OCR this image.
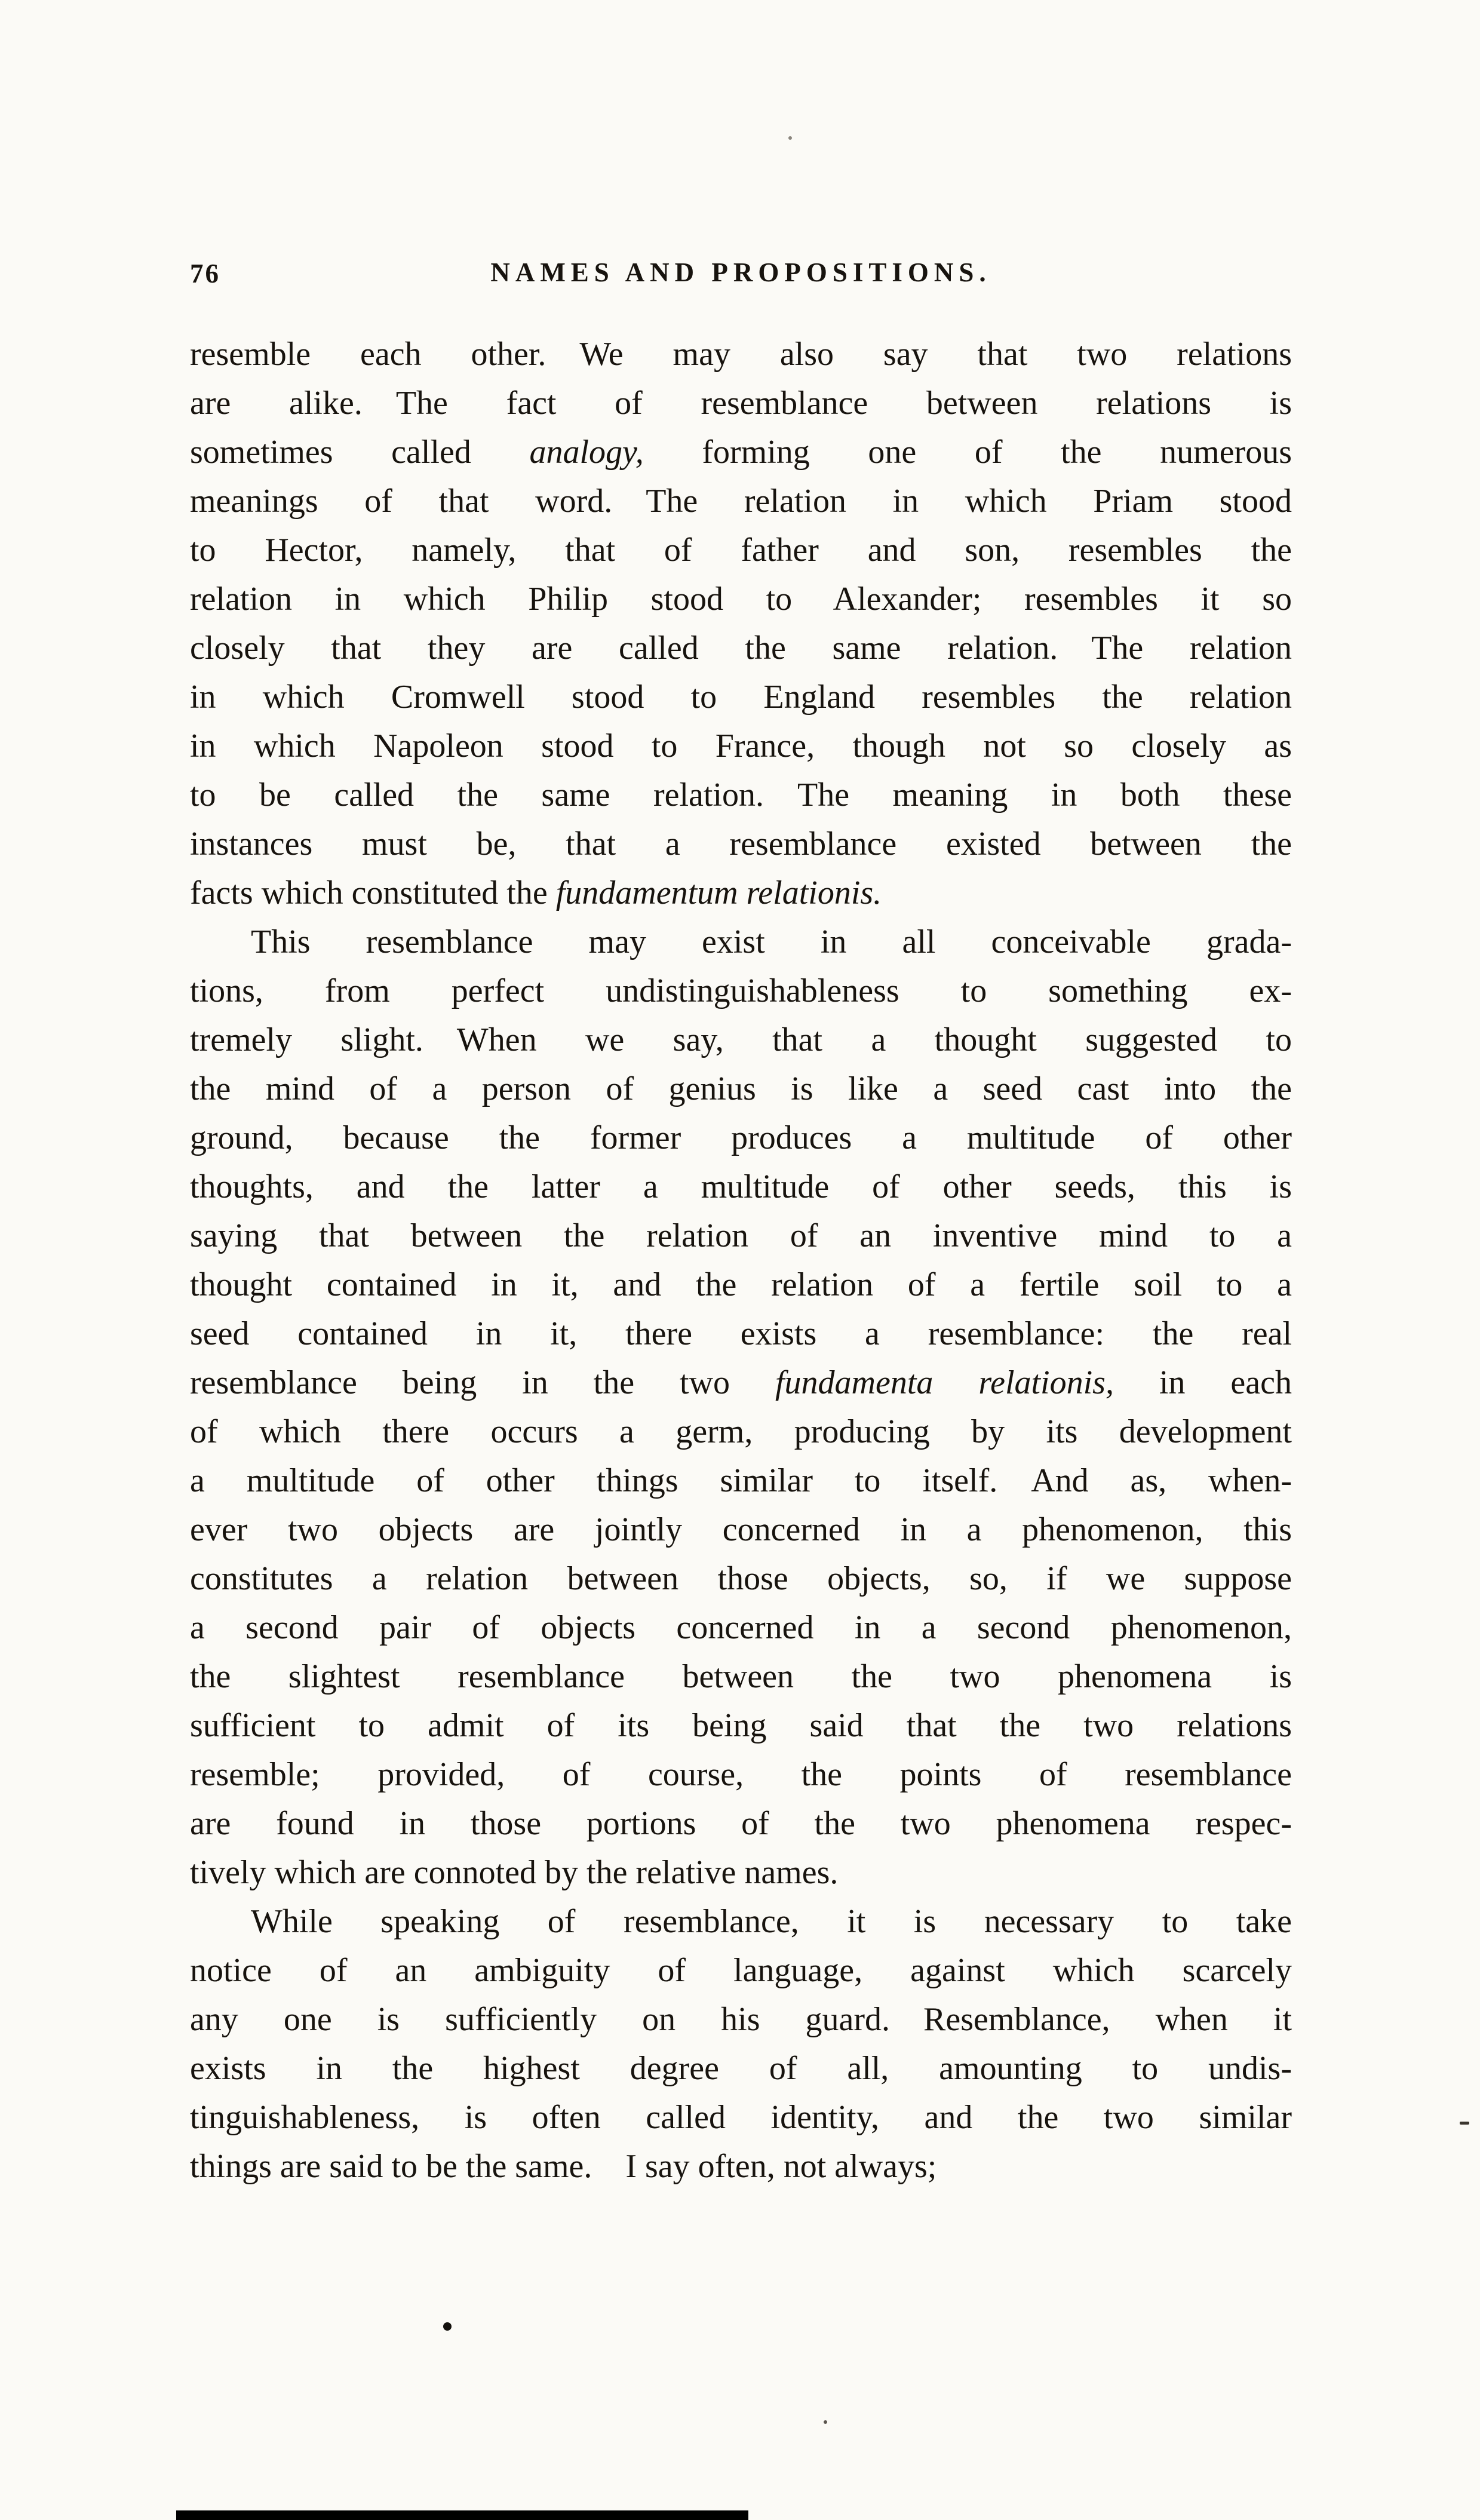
76	NAMES AND PROPOSITIONS.
resemble each other. We may also say that two relations
are alike. The fact of resemblance between relations is
sometimes called analogy, forming one of the numerous
meanings of that word. The relation in which Priam stood
to Hector, namely, that of father and son, resembles the
relation in which Philip stood to Alexander; resembles it so
closely that they are called the same relation. The relation
in which Cromwell stood to England resembles the relation
in which Napoleon stood to France, though not so closely as
to be called the same relation. The meaning in both these
instances must be, that a resemblance existed between the
facts which constituted the fundamentum relationis.
This resemblance may exist in all conceivable grada-
tions, from perfect undistinguishableness to something ex-
tremely slight. When we say, that a thought suggested to
the mind of a person of genius is like a seed cast into the
ground, because the former produces a multitude of other
thoughts, and the latter a multitude of other seeds, this is
saying that between the relation of an inventive mind to a
thought contained in it, and the relation of a fertile soil to a
seed contained in it, there exists a resemblance: the real
resemblance being in the two fundamenta relationis, in each
of which there occurs a germ, producing by its development
a multitude of other things similar to itself. And as, when-
ever two objects are jointly concerned in a phenomenon, this
constitutes a relation between those objects, so, if we suppose
a second pair of objects concerned in a second phenomenon,
the slightest resemblance between the two phenomena is
sufficient to admit of its being said that the two relations
resemble; provided, of course, the points of resemblance
are found in those portions of the two phenomena respec-
tively which are connoted by the relative names.
While speaking of resemblance, it is necessary to take
notice of an ambiguity of language, against which scarcely
any one is sufficiently on his guard. Resemblance, when it
exists in the highest degree of all, amounting to undis-
tinguishableness, is often called identity, and the two similar
things are said to be the same. I say often, not always;
